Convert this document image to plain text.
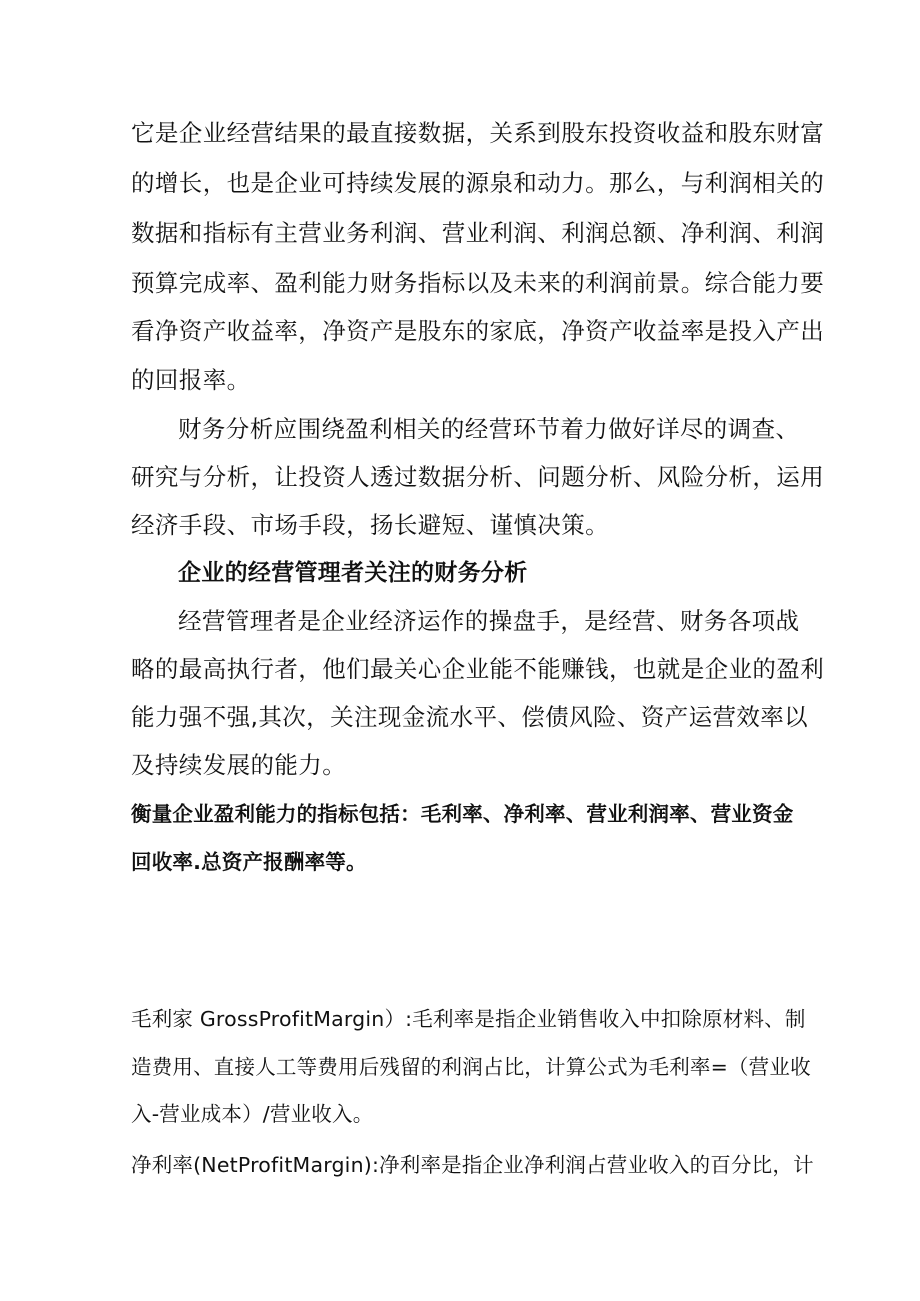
它是企业经营结果的最直接数据，关系到股东投资收益和股东财富

的增长，也是企业可持续发展的源泉和动力。那么，与利润相关的

数据和指标有主营业务利润、营业利润、利润总额、净利润、利润

预算完成率、盈利能力财务指标以及未来的利润前景。综合能力要

看净资产收益率，净资产是股东的家底，净资产收益率是投入产出

的回报率。

财务分析应围绕盈利相关的经营环节着力做好详尽的调查、

研究与分析，让投资人透过数据分析、问题分析、风险分析，运用

经济手段、市场手段，扬长避短、谨慎决策。

企业的经营管理者关注的财务分析

经营管理者是企业经济运作的操盘手，是经营、财务各项战

略的最高执行者，他们最关心企业能不能赚钱，也就是企业的盈利

能力强不强,其次，关注现金流水平、偿债风险、资产运营效率以

及持续发展的能力。

衡量企业盈利能力的指标包括：毛利率、净利率、营业利润率、营业资金

回收率.总资产报酬率等。

毛利家 GrossProfitMargin）:毛利率是指企业销售收入中扣除原材料、制

造费用、直接人工等费用后残留的利润占比，计算公式为毛利率=（营业收

入-营业成本）/营业收入。

净利率(NetProfitMargin):净利率是指企业净利润占营业收入的百分比，计
